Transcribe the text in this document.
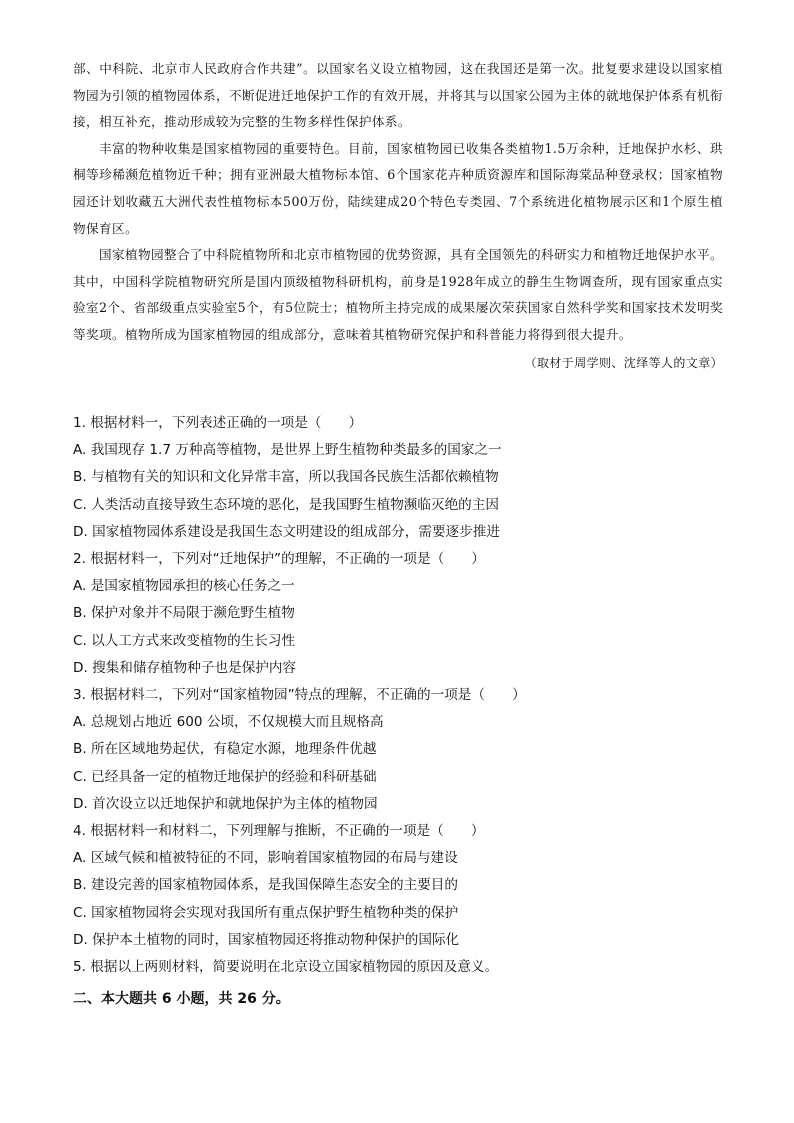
部、中科院、北京市人民政府合作共建”。以国家名义设立植物园，这在我国还是第一次。批复要求建设以国家植物园为引领的植物园体系，不断促进迁地保护工作的有效开展，并将其与以国家公园为主体的就地保护体系有机衔接，相互补充，推动形成较为完整的生物多样性保护体系。

丰富的物种收集是国家植物园的重要特色。目前，国家植物园已收集各类植物1.5万余种，迁地保护水杉、珙桐等珍稀濒危植物近千种；拥有亚洲最大植物标本馆、6个国家花卉种质资源库和国际海棠品种登录权；国家植物园还计划收藏五大洲代表性植物标本500万份，陆续建成20个特色专类园、7个系统进化植物展示区和1个原生植物保育区。

国家植物园整合了中科院植物所和北京市植物园的优势资源，具有全国领先的科研实力和植物迁地保护水平。其中，中国科学院植物研究所是国内顶级植物科研机构，前身是1928年成立的静生生物调查所，现有国家重点实验室2个、省部级重点实验室5个，有5位院士；植物所主持完成的成果屡次荣获国家自然科学奖和国家技术发明奖等奖项。植物所成为国家植物园的组成部分，意味着其植物研究保护和科普能力将得到很大提升。

（取材于周学则、沈绎等人的文章）

1. 根据材料一，下列表述正确的一项是（　　）

A. 我国现存 1.7 万种高等植物，是世界上野生植物种类最多的国家之一

B. 与植物有关的知识和文化异常丰富，所以我国各民族生活都依赖植物

C. 人类活动直接导致生态环境的恶化，是我国野生植物濒临灭绝的主因

D. 国家植物园体系建设是我国生态文明建设的组成部分，需要逐步推进

2. 根据材料一，下列对“迁地保护”的理解，不正确的一项是（　　）

A. 是国家植物园承担的核心任务之一

B. 保护对象并不局限于濒危野生植物

C. 以人工方式来改变植物的生长习性

D. 搜集和储存植物种子也是保护内容

3. 根据材料二，下列对“国家植物园”特点的理解，不正确的一项是（　　）

A. 总规划占地近 600 公顷，不仅规模大而且规格高

B. 所在区域地势起伏，有稳定水源，地理条件优越

C. 已经具备一定的植物迁地保护的经验和科研基础

D. 首次设立以迁地保护和就地保护为主体的植物园

4. 根据材料一和材料二，下列理解与推断，不正确的一项是（　　）

A. 区域气候和植被特征的不同，影响着国家植物园的布局与建设

B. 建设完善的国家植物园体系，是我国保障生态安全的主要目的

C. 国家植物园将会实现对我国所有重点保护野生植物种类的保护

D. 保护本土植物的同时，国家植物园还将推动物种保护的国际化

5. 根据以上两则材料，简要说明在北京设立国家植物园的原因及意义。

二、本大题共 6 小题，共 26 分。
